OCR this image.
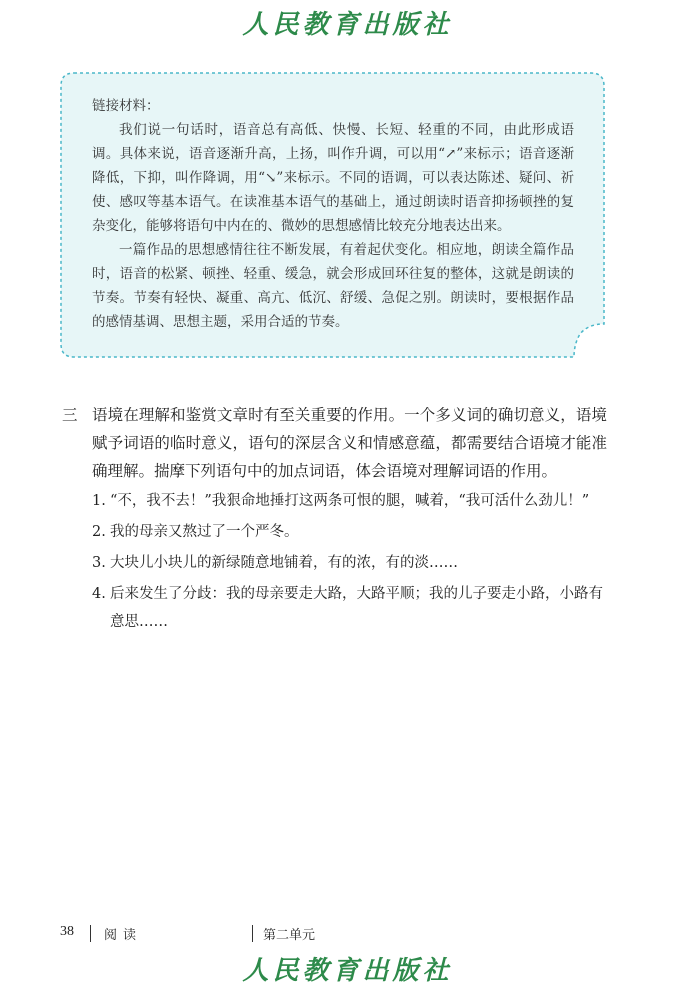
人民教育出版社

链接材料：

我们说一句话时，语音总有高低、快慢、长短、轻重的不同，由此形成语调。具体来说，语音逐渐升高，上扬，叫作升调，可以用“↗”来标示；语音逐渐降低，下抑，叫作降调，用“↘”来标示。不同的语调，可以表达陈述、疑问、祈使、感叹等基本语气。在读准基本语气的基础上，通过朗读时语音抑扬顿挫的复杂变化，能够将语句中内在的、微妙的思想感情比较充分地表达出来。

一篇作品的思想感情往往不断发展，有着起伏变化。相应地，朗读全篇作品时，语音的松紧、顿挫、轻重、缓急，就会形成回环往复的整体，这就是朗读的节奏。节奏有轻快、凝重、高亢、低沉、舒缓、急促之别。朗读时，要根据作品的感情基调、思想主题，采用合适的节奏。

三 语境在理解和鉴赏文章时有至关重要的作用。一个多义词的确切意义，语境赋予词语的临时意义，语句的深层含义和情感意蕴，都需要结合语境才能准确理解。揣摩下列语句中的加点词语，体会语境对理解词语的作用。

1. “不，我不去！”我狠命地捶打这两条可恨的腿，喊着，“我可活什么劲儿！”

2. 我的母亲又熬过了一个严冬。

3. 大块儿小块儿的新绿随意地铺着，有的浓，有的淡……

4. 后来发生了分歧：我的母亲要走大路，大路平顺；我的儿子要走小路，小路有意思……

38 阅读	第二单元
人民教育出版社
